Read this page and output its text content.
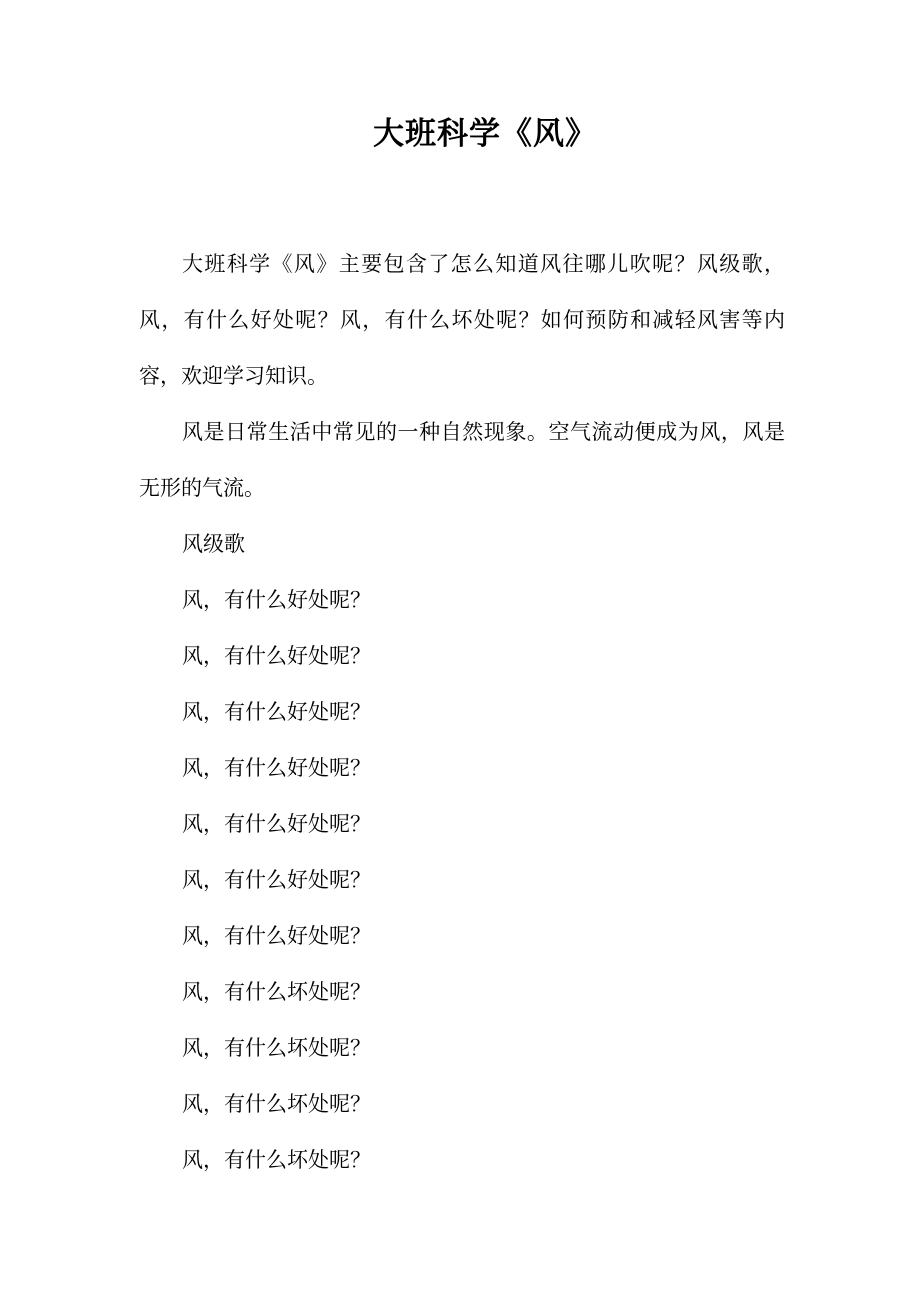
大班科学《风》

大班科学《风》主要包含了怎么知道风往哪儿吹呢？风级歌，风，有什么好处呢？风，有什么坏处呢？如何预防和减轻风害等内容，欢迎学习知识。

风是日常生活中常见的一种自然现象。空气流动便成为风，风是无形的气流。

风级歌

风，有什么好处呢？

风，有什么好处呢？

风，有什么好处呢？

风，有什么好处呢？

风，有什么好处呢？

风，有什么好处呢？

风，有什么好处呢？

风，有什么坏处呢？

风，有什么坏处呢？

风，有什么坏处呢？

风，有什么坏处呢？
